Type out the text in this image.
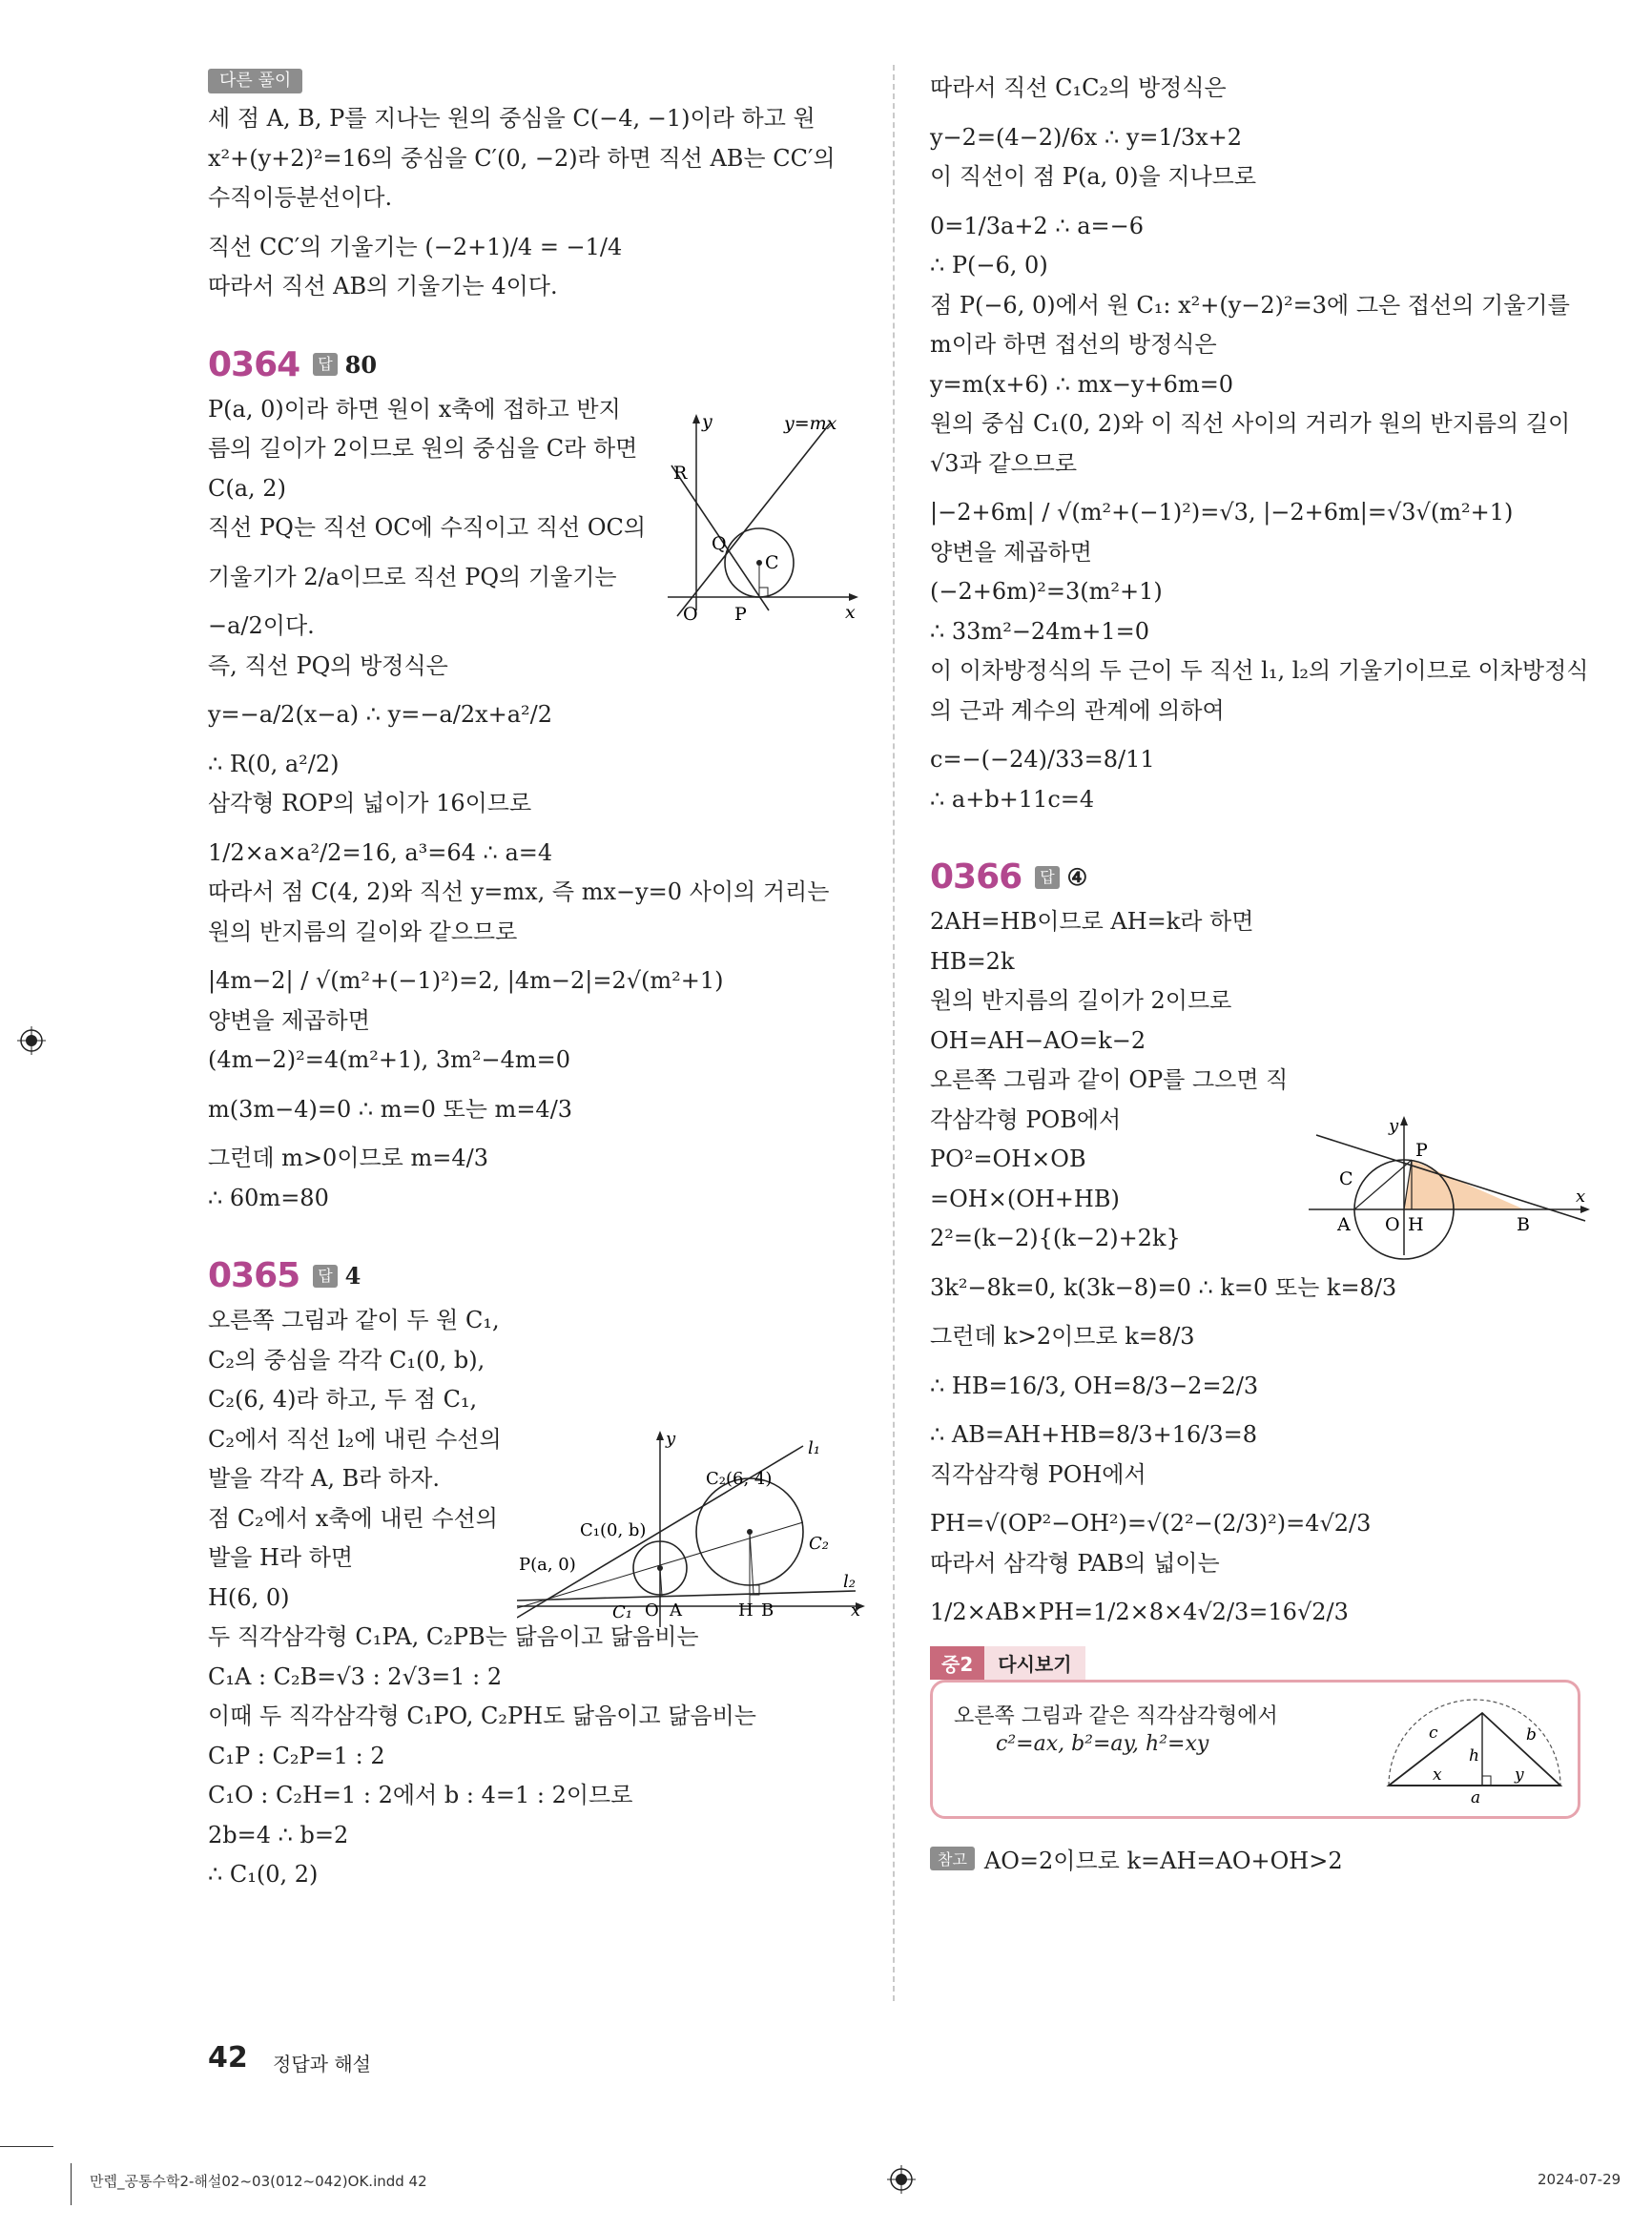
다른 풀이
세 점 A, B, P를 지나는 원의 중심을 C(−4, −1)이라 하고 원
x²+(y+2)²=16의 중심을 C′(0, −2)라 하면 직선 AB는 CC′의
수직이등분선이다.
직선 CC′의 기울기는 (−2+1)/4 = −1/4
따라서 직선 AB의 기울기는 4이다.
0364	답 80
P(a, 0)이라 하면 원이 x축에 접하고 반지
름의 길이가 2이므로 원의 중심을 C라 하면
C(a, 2)
직선 PQ는 직선 OC에 수직이고 직선 OC의
기울기가 2/a이므로 직선 PQ의 기울기는
−a/2이다.
즉, 직선 PQ의 방정식은
y=−a/2(x−a) ∴ y=−a/2x+a²/2
∴ R(0, a²/2)
삼각형 ROP의 넓이가 16이므로
1/2×a×a²/2=16, a³=64 ∴ a=4
따라서 점 C(4, 2)와 직선 y=mx, 즉 mx−y=0 사이의 거리는
원의 반지름의 길이와 같으므로
|4m−2| / √(m²+(−1)²)=2, |4m−2|=2√(m²+1)
양변을 제곱하면
(4m−2)²=4(m²+1), 3m²−4m=0
m(3m−4)=0 ∴ m=0 또는 m=4/3
그런데 m>0이므로 m=4/3
∴ 60m=80
0365	답 4
오른쪽 그림과 같이 두 원 C₁,
C₂의 중심을 각각 C₁(0, b),
C₂(6, 4)라 하고, 두 점 C₁,
C₂에서 직선 l₂에 내린 수선의
발을 각각 A, B라 하자.
점 C₂에서 x축에 내린 수선의
발을 H라 하면
H(6, 0)
두 직각삼각형 C₁PA, C₂PB는 닮음이고 닮음비는
C₁A : C₂B=√3 : 2√3=1 : 2
이때 두 직각삼각형 C₁PO, C₂PH도 닮음이고 닮음비는
C₁P : C₂P=1 : 2
C₁O : C₂H=1 : 2에서 b : 4=1 : 2이므로
2b=4 ∴ b=2
∴ C₁(0, 2)
y	y=mx
R
Q
C
O P	x
y	l₁
l₂
C₂(6, 4)
C₁(0, b)
P(a, 0)
C₂
C₁ O A	H B	x
따라서 직선 C₁C₂의 방정식은
y−2=(4−2)/6x ∴ y=1/3x+2
이 직선이 점 P(a, 0)을 지나므로
0=1/3a+2 ∴ a=−6
∴ P(−6, 0)
점 P(−6, 0)에서 원 C₁: x²+(y−2)²=3에 그은 접선의 기울기를
m이라 하면 접선의 방정식은
y=m(x+6) ∴ mx−y+6m=0
원의 중심 C₁(0, 2)와 이 직선 사이의 거리가 원의 반지름의 길이
√3과 같으므로
|−2+6m| / √(m²+(−1)²)=√3, |−2+6m|=√3√(m²+1)
양변을 제곱하면
(−2+6m)²=3(m²+1)
∴ 33m²−24m+1=0
이 이차방정식의 두 근이 두 직선 l₁, l₂의 기울기이므로 이차방정식
의 근과 계수의 관계에 의하여
c=−(−24)/33=8/11
∴ a+b+11c=4
0366	답 ④
2AH=HB이므로 AH=k라 하면
HB=2k
원의 반지름의 길이가 2이므로
OH=AH−AO=k−2
오른쪽 그림과 같이 OP를 그으면 직
각삼각형 POB에서
PO²=OH×OB
=OH×(OH+HB)
2²=(k−2){(k−2)+2k}
3k²−8k=0, k(3k−8)=0 ∴ k=0 또는 k=8/3
그런데 k>2이므로 k=8/3
∴ HB=16/3, OH=8/3−2=2/3
∴ AB=AH+HB=8/3+16/3=8
직각삼각형 POH에서
PH=√(OP²−OH²)=√(2²−(2/3)²)=4√2/3
따라서 삼각형 PAB의 넓이는
1/2×AB×PH=1/2×8×4√2/3=16√2/3
중2	다시보기
오른쪽 그림과 같은 직각삼각형에서
c²=ax, b²=ay, h²=xy	c	b
h
x	y
a
참고 AO=2이므로 k=AH=AO+OH>2
y
P
C
x
A O H	B
42 정답과 해설
만렙_공통수학2-해설02~03(012~042)OK.indd 42	2024-07-29
